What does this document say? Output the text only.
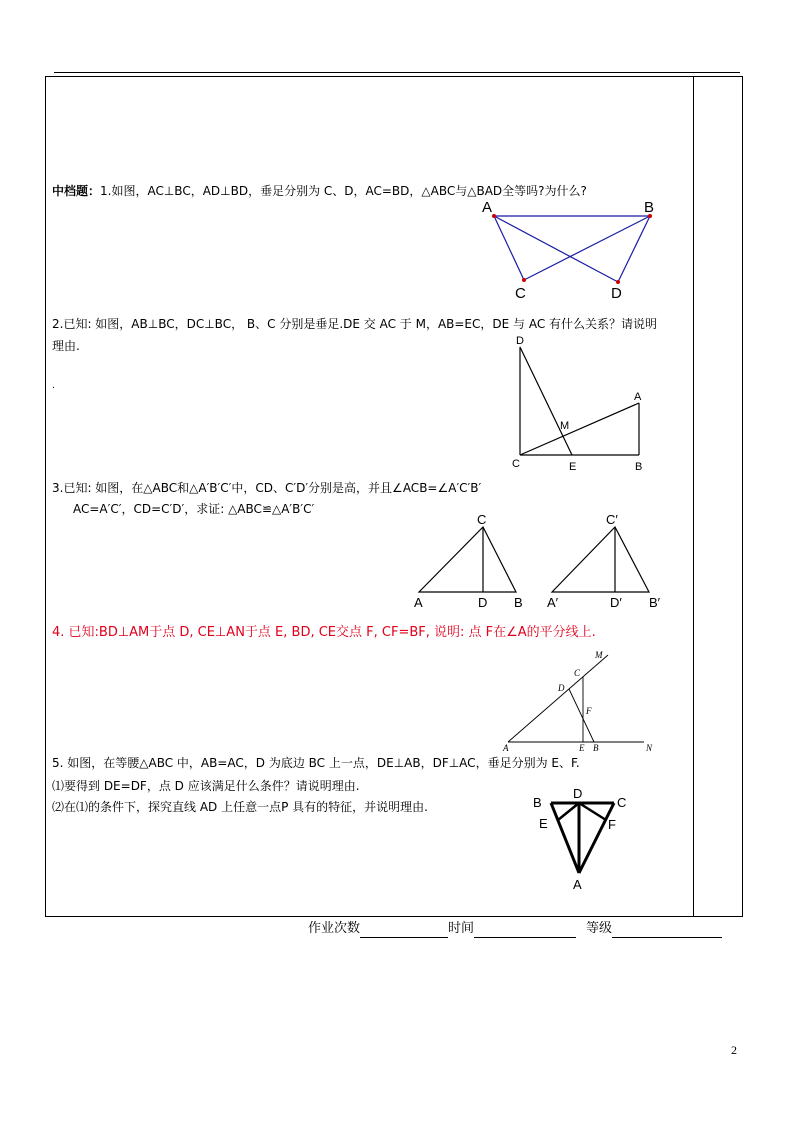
中档题：1.如图，AC⊥BC，AD⊥BD，垂足分别为 C、D，AC=BD，△ABC与△BAD全等吗?为什么?
A	B
C	D
2.已知: 如图，AB⊥BC，DC⊥BC， B、C 分别是垂足.DE 交 AC 于 M，AB=EC，DE 与 AC 有什么关系？请说明
理由.
.
D
A
M
C	E	B
3.已知: 如图，在△ABC和△A′B′C′中，CD、C′D′分别是高，并且∠ACB=∠A′C′B′
AC=A′C′，CD=C′D′，求证: △ABC≌△A′B′C′
C
A	D B
C′
A′	D′ B′
4. 已知:BD⊥AM于点 D, CE⊥AN于点 E, BD, CE交点 F, CF=BF, 说明: 点 F在∠A的平分线上.
M
C
D
F
A	E B	N
5. 如图，在等腰△ABC 中，AB=AC，D 为底边 BC 上一点，DE⊥AB，DF⊥AC，垂足分别为 E、F.
⑴要得到 DE=DF，点 D 应该满足什么条件？请说明理由.
⑵在⑴的条件下，探究直线 AD 上任意一点P 具有的特征，并说明理由.
D
B	C
E	F
A
作业次数	时间	等级
2
